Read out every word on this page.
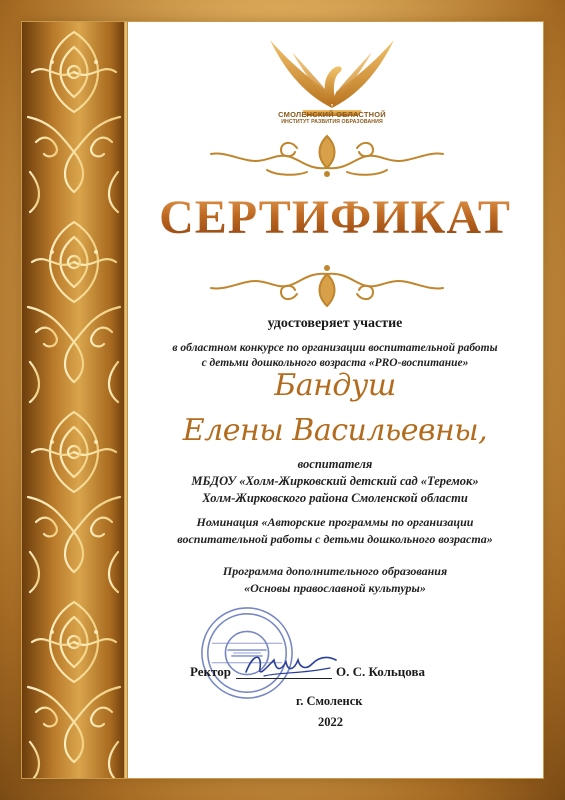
СМОЛЕНСКИЙ ОБЛАСТНОЙ
ИНСТИТУТ РАЗВИТИЯ ОБРАЗОВАНИЯ
СЕРТИФИКАТ
удостоверяет участие
в областном конкурсе по организации воспитательной работы
с детьми дошкольного возраста «PRO-воспитание»
Бандуш
Елены Васильевны,
воспитателя
МБДОУ «Холм-Жирковский детский сад «Теремок»
Холм-Жирковского района Смоленской области
Номинация «Авторские программы по организации
воспитательной работы с детьми дошкольного возраста»
Программа дополнительного образования
«Основы православной культуры»
Ректор	О. С. Кольцова
г. Смоленск
2022
